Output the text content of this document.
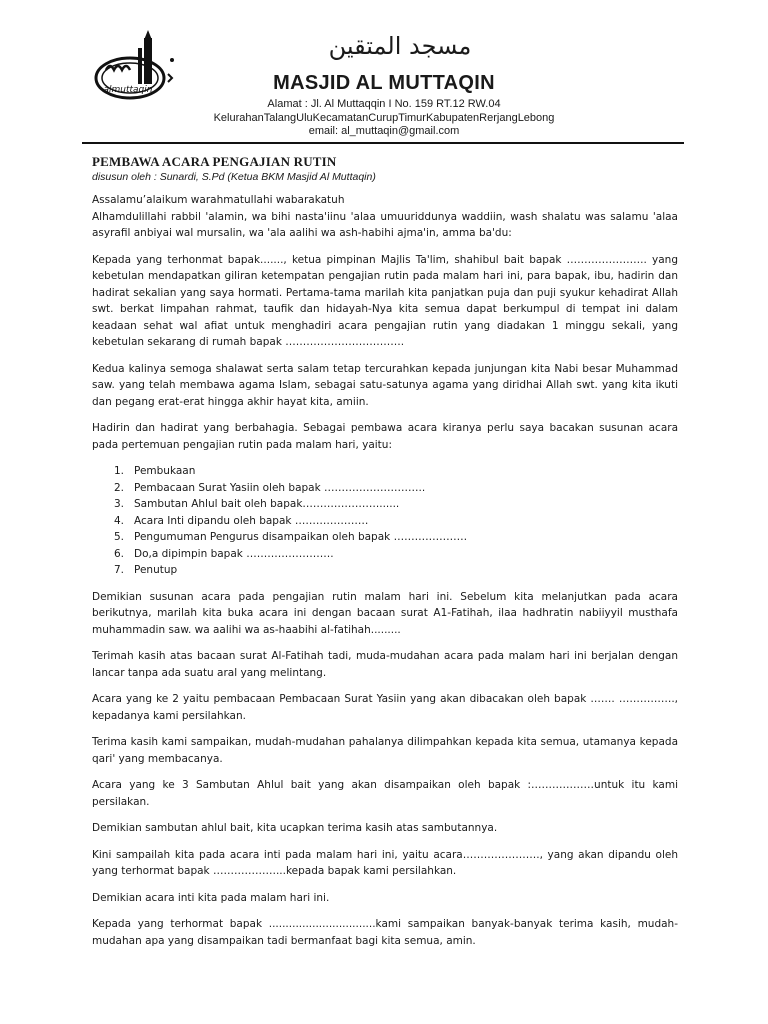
almuttaqin
مسجد المتقين
MASJID AL MUTTAQIN
Alamat : Jl. Al Muttaqqin I No. 159 RT.12 RW.04
KelurahanTalangUluKecamatanCurupTimurKabupatenRerjangLebong
email: al_muttaqin@gmail.com
PEMBAWA ACARA PENGAJIAN RUTIN
disusun oleh : Sunardi, S.Pd (Ketua BKM Masjid Al Muttaqin)

Assalamu’alaikum warahmatullahi wabarakatuh

Alhamdulillahi rabbil 'alamin, wa bihi nasta'iinu 'alaa umuuriddunya waddiin, wash shalatu was salamu 'alaa asyrafil anbiyai wal mursalin, wa 'ala aalihi wa ash-habihi ajma'in, amma ba'du:

Kepada yang terhonmat bapak......., ketua pimpinan Majlis Ta'lim, shahibul bait bapak ………………….. yang kebetulan mendapatkan giliran ketempatan pengajian rutin pada malam hari ini, para bapak, ibu, hadirin dan hadirat sekalian yang saya hormati. Pertama-tama marilah kita panjatkan puja dan puji syukur kehadirat Allah swt. berkat limpahan rahmat, taufik dan hidayah-Nya kita semua dapat berkumpul di tempat ini dalam keadaan sehat wal afiat untuk menghadiri acara pengajian rutin yang diadakan 1 minggu sekali, yang kebetulan sekarang di rumah bapak …………………………….

Kedua kalinya semoga shalawat serta salam tetap tercurahkan kepada junjungan kita Nabi besar Muhammad saw. yang telah membawa agama Islam, sebagai satu-satunya agama yang diridhai Allah swt. yang kita ikuti dan pegang erat-erat hingga akhir hayat kita, amiin.

Hadirin dan hadirat yang berbahagia. Sebagai pembawa acara kiranya perlu saya bacakan susunan acara pada pertemuan pengajian rutin pada malam hari, yaitu:

1. Pembukaan
2. Pembacaan Surat Yasiin oleh bapak ………………………..
3. Sambutan Ahlul bait oleh bapak………………….......
4. Acara Inti dipandu oleh bapak …………………
5. Pengumuman Pengurus disampaikan oleh bapak …………………
6. Do,a dipimpin bapak …………………….
7. Penutup

Demikian susunan acara pada pengajian rutin malam hari ini. Sebelum kita melanjutkan pada acara berikutnya, marilah kita buka acara ini dengan bacaan surat A1-Fatihah, ilaa hadhratin nabiiyyil musthafa muhammadin saw. wa aalihi wa as-haabihi al-fatihah.........

Terimah kasih atas bacaan surat Al-Fatihah tadi, muda-mudahan acara pada malam hari ini berjalan dengan lancar tanpa ada suatu aral yang melintang.

Acara yang ke 2 yaitu pembacaan Pembacaan Surat Yasiin yang akan dibacakan oleh bapak ……. ……………., kepadanya kami persilahkan.

Terima kasih kami sampaikan, mudah-mudahan pahalanya dilimpahkan kepada kita semua, utamanya kepada qari' yang membacanya.

Acara yang ke 3 Sambutan Ahlul bait yang akan disampaikan oleh bapak :………………untuk itu kami persilakan.

Demikian sambutan ahlul bait, kita ucapkan terima kasih atas sambutannya.

Kini sampailah kita pada acara inti pada malam hari ini, yaitu acara…………………., yang akan dipandu oleh yang terhormat bapak ………………...kepada bapak kami persilahkan.

Demikian acara inti kita pada malam hari ini.

Kepada yang terhormat bapak ................................kami sampaikan banyak-banyak terima kasih, mudah-mudahan apa yang disampaikan tadi bermanfaat bagi kita semua, amin.
